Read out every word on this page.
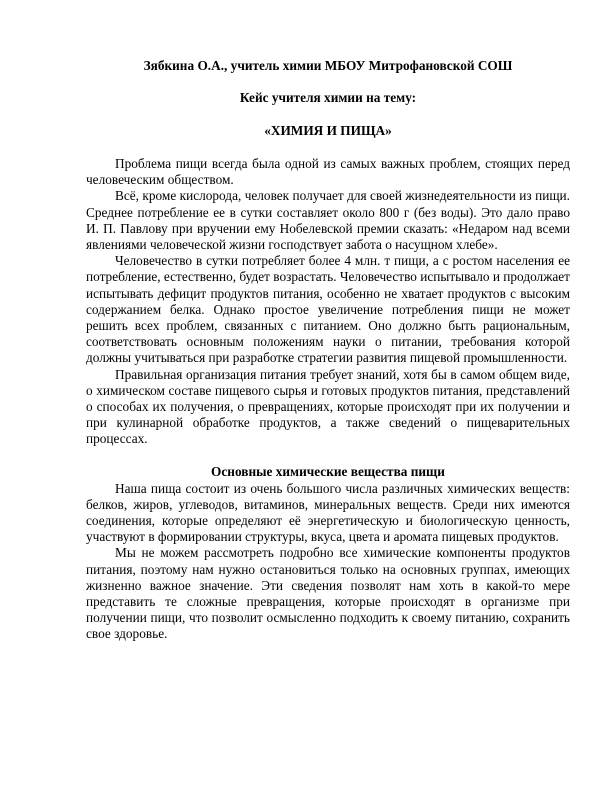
Зябкина О.А., учитель химии МБОУ Митрофановской СОШ

Кейс учителя химии на тему:

«ХИМИЯ И ПИЩА»

Проблема пищи всегда была одной из самых важных проблем, стоящих перед человеческим обществом.

Всё, кроме кислорода, человек получает для своей жизнедеятельности из пищи. Среднее потребление ее в сутки составляет около 800 г (без воды). Это дало право И. П. Павлову при вручении ему Нобелевской премии сказать: «Недаром над всеми явлениями человеческой жизни господствует забота о насущном хлебе».

Человечество в сутки потребляет более 4 млн. т пищи, а с ростом населения ее потребление, естественно, будет возрастать. Человечество испытывало и продолжает испытывать дефицит продуктов питания, особенно не хватает продуктов с высоким содержанием белка. Однако простое увеличение потребления пищи не может решить всех проблем, связанных с питанием. Оно должно быть рациональным, соответствовать основным положениям науки о питании, требования которой должны учитываться при разработке стратегии развития пищевой промышленности.

Правильная организация питания требует знаний, хотя бы в самом общем виде, о химическом составе пищевого сырья и готовых продуктов питания, представлений о способах их получения, о превращениях, которые происходят при их получении и при кулинарной обработке продуктов, а также сведений о пищеварительных процессах.

Основные химические вещества пищи

Наша пища состоит из очень большого числа различных химических веществ: белков, жиров, углеводов, витаминов, минеральных веществ. Среди них имеются соединения, которые определяют её энергетическую и биологическую ценность, участвуют в формировании структуры, вкуса, цвета и аромата пищевых продуктов.

Мы не можем рассмотреть подробно все химические компоненты продуктов питания, поэтому нам нужно остановиться только на основных группах, имеющих жизненно важное значение. Эти сведения позволят нам хоть в какой-то мере представить те сложные превращения, которые происходят в организме при получении пищи, что позволит осмысленно подходить к своему питанию, сохранить свое здоровье.
